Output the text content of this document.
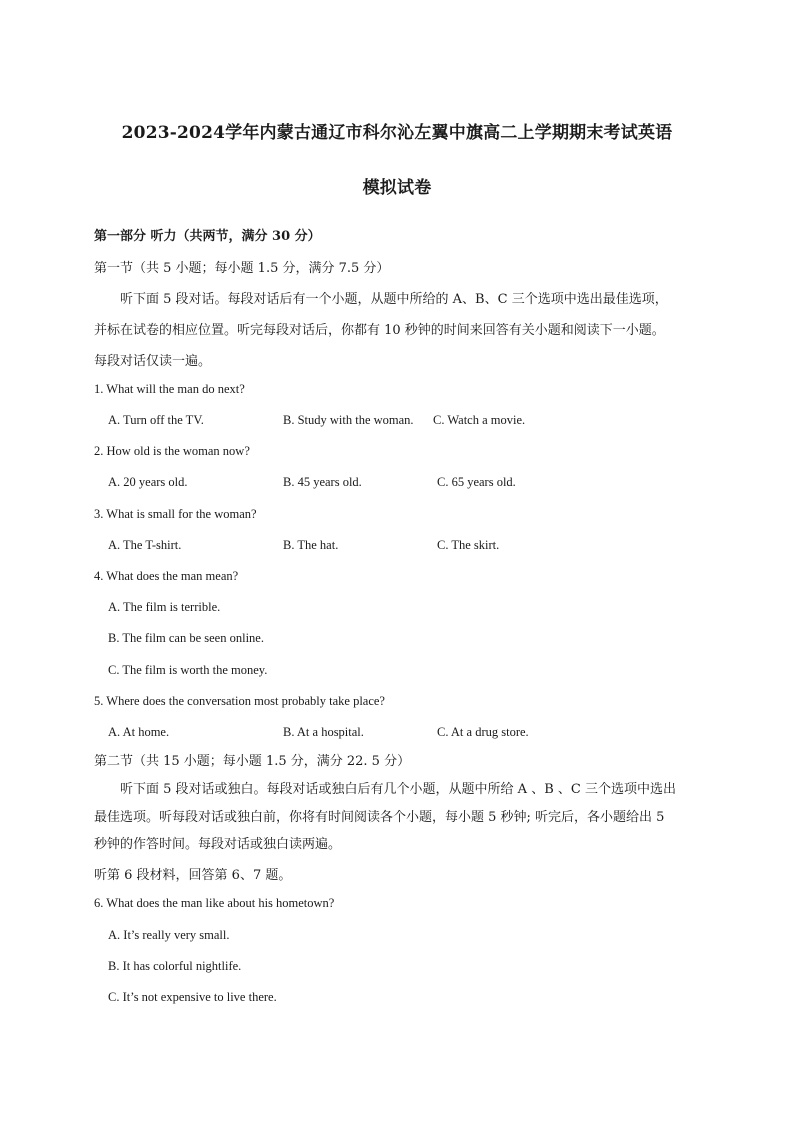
2023-2024学年内蒙古通辽市科尔沁左翼中旗高二上学期期末考试英语
模拟试卷
第一部分 听力（共两节，满分 30 分）
第一节（共 5 小题；每小题 1.5 分，满分 7.5 分）
听下面 5 段对话。每段对话后有一个小题，从题中所给的 A、B、C 三个选项中选出最佳选项，
并标在试卷的相应位置。听完每段对话后，你都有 10 秒钟的时间来回答有关小题和阅读下一小题。
每段对话仅读一遍。
1. What will the man do next?
A. Turn off the TV.	B. Study with the woman. C. Watch a movie.
2. How old is the woman now?
A. 20 years old.	B. 45 years old.	C. 65 years old.
3. What is small for the woman?
A. The T-shirt.	B. The hat.	C. The skirt.
4. What does the man mean?
A. The film is terrible.
B. The film can be seen online.
C. The film is worth the money.
5. Where does the conversation most probably take place?
A. At home.	B. At a hospital.	C. At a drug store.
第二节（共 15 小题；每小题 1.5 分，满分 22. 5 分）
听下面 5 段对话或独白。每段对话或独白后有几个小题，从题中所给 A 、B 、C 三个选项中选出
最佳选项。听每段对话或独白前，你将有时间阅读各个小题，每小题 5 秒钟; 听完后，各小题给出 5
秒钟的作答时间。每段对话或独白读两遍。
听第 6 段材料，回答第 6、7 题。
6. What does the man like about his hometown?
A. It’s really very small.
B. It has colorful nightlife.
C. It’s not expensive to live there.
